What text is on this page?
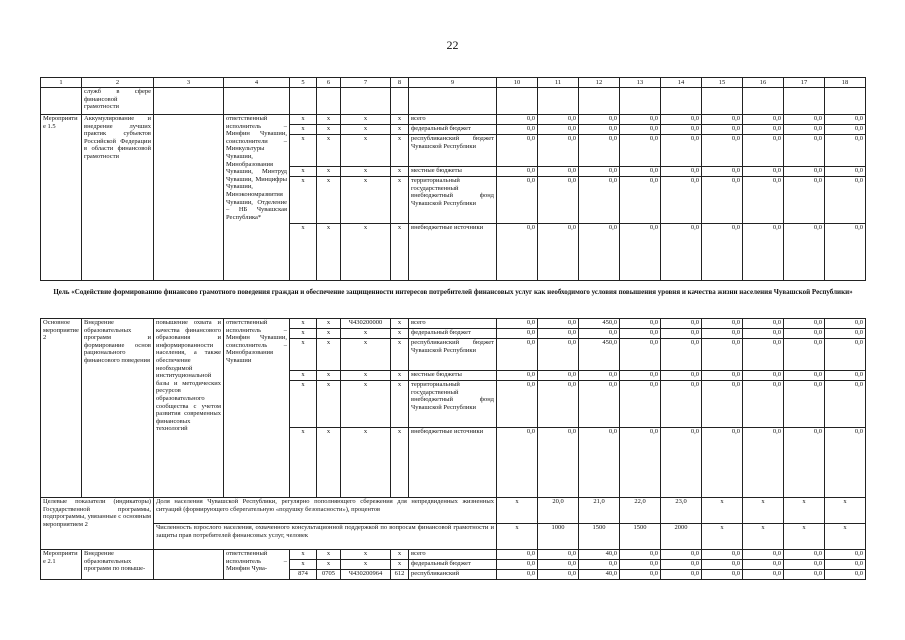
22
1	2	3	4	5	6	7	8	9	10	11	12	13	14	15	16	17	18
	служб в сфере финансовой грамотности																
Мероприятие 1.5	Аккумулирование и внедрение лучших практик субъектов Российской Федерации в области финансовой грамотности		ответственный исполнитель – Минфин Чувашии, соисполнители – Минкультуры Чувашии, Минобразования Чувашии, Минтруд Чувашии, Минцифры Чувашии, Минэкономразвития Чувашии, Отделение – НБ Чувашская Республика*	x	x	x	x	всего	0,0	0,0	0,0	0,0	0,0	0,0	0,0	0,0	0,0
				x	x	x	x	федеральный бюджет	0,0	0,0	0,0	0,0	0,0	0,0	0,0	0,0	0,0
				x	x	x	x	республиканский бюджет Чувашской Республики	0,0	0,0	0,0	0,0	0,0	0,0	0,0	0,0	0,0
				x	x	x	x	местные бюджеты	0,0	0,0	0,0	0,0	0,0	0,0	0,0	0,0	0,0
				x	x	x	x	территориальный государственный внебюджетный фонд Чувашской Республики	0,0	0,0	0,0	0,0	0,0	0,0	0,0	0,0	0,0
				x	x	x	x	внебюджетные источники	0,0	0,0	0,0	0,0	0,0	0,0	0,0	0,0	0,0
Цель «Содействие формированию финансово грамотного поведения граждан и обеспечение защищенности интересов потребителей финансовых услуг как необходимого условия повышения уровня и качества жизни населения Чувашской Республики»
Основное мероприятие 2	Внедрение образовательных программ и формирование основ рационального финансового поведения	повышение охвата и качества финансового образования и информированности населения, а также обеспечение необходимой институциональной базы и методических ресурсов образовательного сообщества с учетом развития современных финансовых технологий	ответственный исполнитель – Минфин Чувашии, соисполнитель – Минобразования Чувашии	x	x	Ч430200000	x	всего	0,0	0,0	450,0	0,0	0,0	0,0	0,0	0,0	0,0
				x	x	x	x	федеральный бюджет	0,0	0,0	0,0	0,0	0,0	0,0	0,0	0,0	0,0
				x	x	x	x	республиканский бюджет Чувашской Республики	0,0	0,0	450,0	0,0	0,0	0,0	0,0	0,0	0,0
				x	x	x	x	местные бюджеты	0,0	0,0	0,0	0,0	0,0	0,0	0,0	0,0	0,0
				x	x	x	x	территориальный государственный внебюджетный фонд Чувашской Республики	0,0	0,0	0,0	0,0	0,0	0,0	0,0	0,0	0,0
				x	x	x	x	внебюджетные источники	0,0	0,0	0,0	0,0	0,0	0,0	0,0	0,0	0,0
Целевые показатели (индикаторы) Государственной программы, подпрограммы, увязанные с основным мероприятием 2		Доля населения Чувашской Республики, регулярно пополняющего сбережения для непредвиденных жизненных ситуаций (формирующего сберегательную «подушку безопасности»), процентов							x	20,0	21,0	22,0	23,0	x	x	x	x
		Численность взрослого населения, охваченного консультационной поддержкой по вопросам финансовой грамотности и защиты прав потребителей финансовых услуг, человек							x	1000	1500	1500	2000	x	x	x	x
Мероприятие 2.1	Внедрение образовательных программ по повыше-		ответственный исполнитель – Минфин Чува-	x	x	x	x	всего	0,0	0,0	40,0	0,0	0,0	0,0	0,0	0,0	0,0
				x	x	x	x	федеральный бюджет	0,0	0,0	0,0	0,0	0,0	0,0	0,0	0,0	0,0
				874	0705	Ч430200964	612	республиканский	0,0	0,0	40,0	0,0	0,0	0,0	0,0	0,0	0,0
